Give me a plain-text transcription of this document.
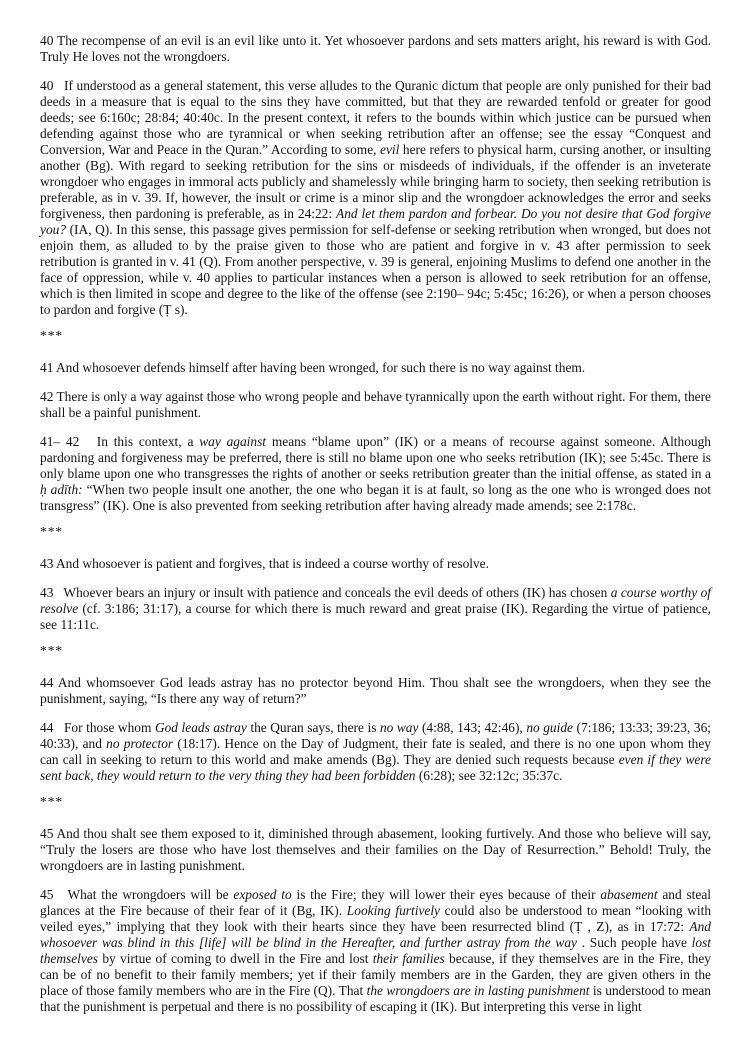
40 The recompense of an evil is an evil like unto it. Yet whosoever pardons and sets matters aright, his reward is with God. Truly He loves not the wrongdoers.

40   If understood as a general statement, this verse alludes to the Quranic dictum that people are only punished for their bad deeds in a measure that is equal to the sins they have committed, but that they are rewarded tenfold or greater for good deeds; see 6:160c; 28:84; 40:40c. In the present context, it refers to the bounds within which justice can be pursued when defending against those who are tyrannical or when seeking retribution after an offense; see the essay “Conquest and Conversion, War and Peace in the Quran.” According to some, evil here refers to physical harm, cursing another, or insulting another (Bg). With regard to seeking retribution for the sins or misdeeds of individuals, if the offender is an inveterate wrongdoer who engages in immoral acts publicly and shamelessly while bringing harm to society, then seeking retribution is preferable, as in v. 39. If, however, the insult or crime is a minor slip and the wrongdoer acknowledges the error and seeks forgiveness, then pardoning is preferable, as in 24:22: And let them pardon and forbear. Do you not desire that God forgive you? (IA, Q). In this sense, this passage gives permission for self-defense or seeking retribution when wronged, but does not enjoin them, as alluded to by the praise given to those who are patient and forgive in v. 43 after permission to seek retribution is granted in v. 41 (Q). From another perspective, v. 39 is general, enjoining Muslims to defend one another in the face of oppression, while v. 40 applies to particular instances when a person is allowed to seek retribution for an offense, which is then limited in scope and degree to the like of the offense (see 2:190– 94c; 5:45c; 16:26), or when a person chooses to pardon and forgive (Ṭ s).

***

41 And whosoever defends himself after having been wronged, for such there is no way against them.

42 There is only a way against those who wrong people and behave tyrannically upon the earth without right. For them, there shall be a painful punishment.

41– 42   In this context, a way against means “blame upon” (IK) or a means of recourse against someone. Although pardoning and forgiveness may be preferred, there is still no blame upon one who seeks retribution (IK); see 5:45c. There is only blame upon one who transgresses the rights of another or seeks retribution greater than the initial offense, as stated in a ḥ adīth: “When two people insult one another, the one who began it is at fault, so long as the one who is wronged does not transgress” (IK). One is also prevented from seeking retribution after having already made amends; see 2:178c.

***

43 And whosoever is patient and forgives, that is indeed a course worthy of resolve.

43   Whoever bears an injury or insult with patience and conceals the evil deeds of others (IK) has chosen a course worthy of resolve (cf. 3:186; 31:17), a course for which there is much reward and great praise (IK). Regarding the virtue of patience, see 11:11c.

***

44 And whomsoever God leads astray has no protector beyond Him. Thou shalt see the wrongdoers, when they see the punishment, saying, “Is there any way of return?”

44   For those whom God leads astray the Quran says, there is no way (4:88, 143; 42:46), no guide (7:186; 13:33; 39:23, 36; 40:33), and no protector (18:17). Hence on the Day of Judgment, their fate is sealed, and there is no one upon whom they can call in seeking to return to this world and make amends (Bg). They are denied such requests because even if they were sent back, they would return to the very thing they had been forbidden (6:28); see 32:12c; 35:37c.

***

45 And thou shalt see them exposed to it, diminished through abasement, looking furtively. And those who believe will say, “Truly the losers are those who have lost themselves and their families on the Day of Resurrection.” Behold! Truly, the wrongdoers are in lasting punishment.

45   What the wrongdoers will be exposed to is the Fire; they will lower their eyes because of their abasement and steal glances at the Fire because of their fear of it (Bg, IK). Looking furtively could also be understood to mean “looking with veiled eyes,” implying that they look with their hearts since they have been resurrected blind (Ṭ , Z), as in 17:72: And whosoever was blind in this [life] will be blind in the Hereafter, and further astray from the way . Such people have lost themselves by virtue of coming to dwell in the Fire and lost their families because, if they themselves are in the Fire, they can be of no benefit to their family members; yet if their family members are in the Garden, they are given others in the place of those family members who are in the Fire (Q). That the wrongdoers are in lasting punishment is understood to mean that the punishment is perpetual and there is no possibility of escaping it (IK). But interpreting this verse in light
